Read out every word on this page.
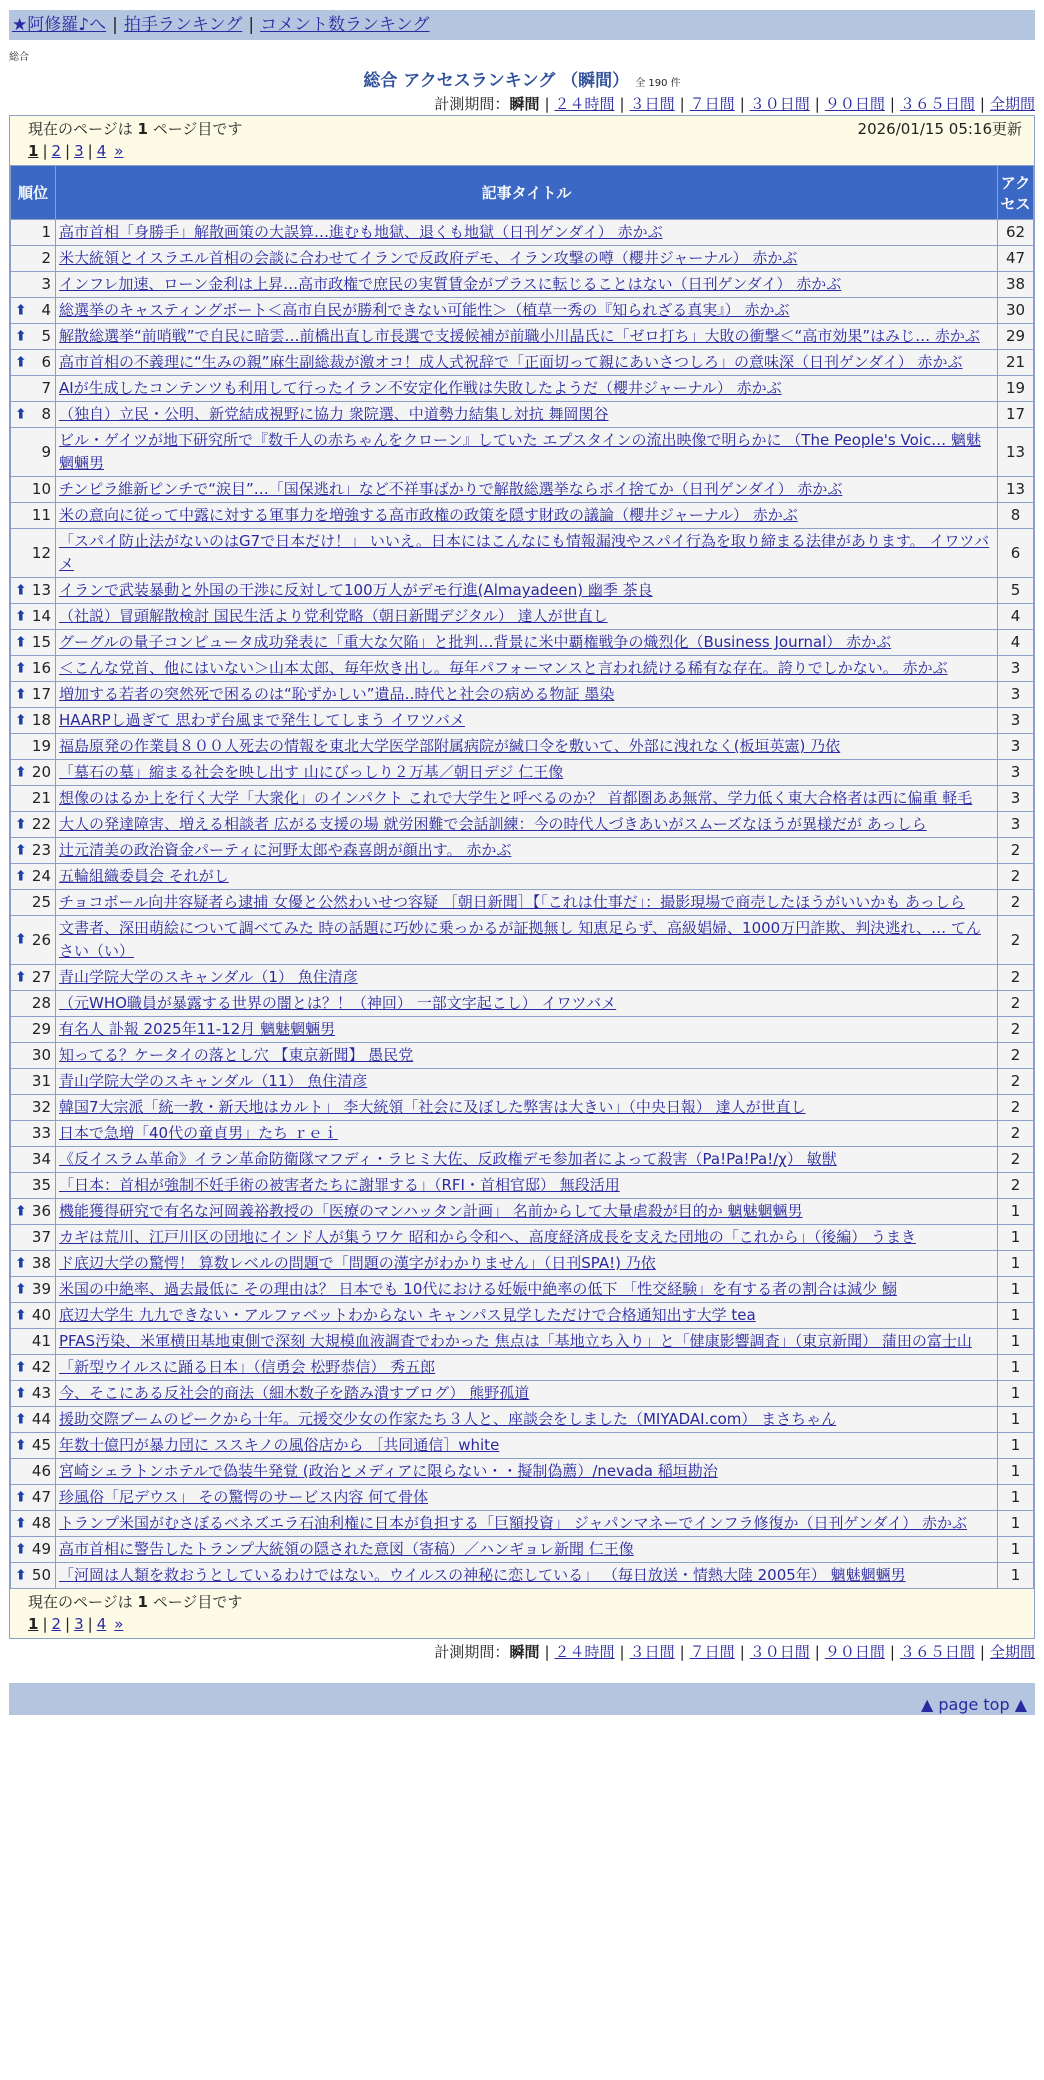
★阿修羅♪へ | 拍手ランキング | コメント数ランキング
総合
総合 アクセスランキング （瞬間） 全 190 件
計測期間：瞬間 | ２４時間 | ３日間 | ７日間 | ３０日間 | ９０日間 | ３６５日間 | 全期間
現在のページは 1 ページ目です	2026/01/15 05:16更新
1 | 2 | 3 | 4 »
順位	記事タイトル	アクセス
1	高市首相「身勝手」解散画策の大誤算…進むも地獄、退くも地獄（日刊ゲンダイ） 赤かぶ	62
2	米大統領とイスラエル首相の会談に合わせてイランで反政府デモ、イラン攻撃の噂（櫻井ジャーナル） 赤かぶ	47
3	インフレ加速、ローン金利は上昇…高市政権で庶民の実質賃金がプラスに転じることはない（日刊ゲンダイ） 赤かぶ	38

⬆ 4	総選挙のキャスティングボート＜高市自民が勝利できない可能性＞（植草一秀の『知られざる真実』） 赤かぶ	30

⬆ 5	解散総選挙“前哨戦”で自民に暗雲…前橋出直し市長選で支援候補が前職小川晶氏に「ゼロ打ち」大敗の衝撃＜“高市効果”はみじ… 赤かぶ	29

⬆ 6	高市首相の不義理に“生みの親”麻生副総裁が激オコ！成人式祝辞で「正面切って親にあいさつしろ」の意味深（日刊ゲンダイ） 赤かぶ	21
7	AIが生成したコンテンツも利用して行ったイラン不安定化作戦は失敗したようだ（櫻井ジャーナル） 赤かぶ	19

⬆ 8	（独自）立民・公明、新党結成視野に協力 衆院選、中道勢力結集し対抗 舞岡関谷	17
9	ビル・ゲイツが地下研究所で『数千人の赤ちゃんをクローン』していた エプスタインの流出映像で明らかに （The People's Voic… 魑魅魍魎男	13
10	チンピラ維新ピンチで“涙目”…「国保逃れ」など不祥事ばかりで解散総選挙ならポイ捨てか（日刊ゲンダイ） 赤かぶ	13
11	米の意向に従って中露に対する軍事力を増強する高市政権の政策を隠す財政の議論（櫻井ジャーナル） 赤かぶ	8
12	「スパイ防止法がないのはG7で日本だけ！」 いいえ。日本にはこんなにも情報漏洩やスパイ行為を取り締まる法律があります。 イワツバメ	6

⬆ 13	イランで武装暴動と外国の干渉に反対して100万人がデモ行進(Almayadeen) 幽季 茶良	5

⬆ 14	（社説）冒頭解散検討 国民生活より党利党略（朝日新聞デジタル） 達人が世直し	4

⬆ 15	グーグルの量子コンピュータ成功発表に「重大な欠陥」と批判…背景に米中覇権戦争の熾烈化（Business Journal） 赤かぶ	4

⬆ 16	＜こんな党首、他にはいない＞山本太郎、毎年炊き出し。毎年パフォーマンスと言われ続ける稀有な存在。誇りでしかない。 赤かぶ	3

⬆ 17	増加する若者の突然死で困るのは“恥ずかしい”遺品‥時代と社会の病める物証 墨染	3

⬆ 18	HAARPし過ぎて 思わず台風まで発生してしまう イワツバメ	3
19	福島原発の作業員８００人死去の情報を東北大学医学部附属病院が緘口令を敷いて、外部に洩れなく(板垣英憲) 乃依	3

⬆ 20	「墓石の墓」縮まる社会を映し出す 山にびっしり２万基／朝日デジ 仁王像	3
21	想像のはるか上を行く大学「大衆化」のインパクト これで大学生と呼べるのか？ 首都圏ああ無常、学力低く東大合格者は西に偏重 軽毛	3

⬆ 22	大人の発達障害、増える相談者 広がる支援の場 就労困難で会話訓練：今の時代人づきあいがスムーズなほうが異様だが あっしら	3

⬆ 23	辻元清美の政治資金パーティに河野太郎や森喜朗が顔出す。 赤かぶ	2

⬆ 24	五輪組織委員会 それがし	2
25	チョコボール向井容疑者ら逮捕 女優と公然わいせつ容疑 ［朝日新聞］【「これは仕事だ」：撮影現場で商売したほうがいいかも あっしら	2

⬆ 26	文書者、深田萌絵について調べてみた 時の話題に巧妙に乗っかるが証拠無し 知恵足らず、高級娼婦、1000万円詐欺、判決逃れ、… てんさい（い）	2

⬆ 27	青山学院大学のスキャンダル（1） 魚住清彦	2
28	（元WHO職員が暴露する世界の闇とは？！（神回） 一部文字起こし） イワツバメ	2
29	有名人 訃報 2025年11-12月 魑魅魍魎男	2
30	知ってる？ケータイの落とし穴 【東京新聞】 愚民党	2
31	青山学院大学のスキャンダル（11） 魚住清彦	2
32	韓国7大宗派「統一教・新天地はカルト」 李大統領「社会に及ぼした弊害は大きい」（中央日報） 達人が世直し	2
33	日本で急増「40代の童貞男」たち ｒｅｉ	2
34	《反イスラム革命》イラン革命防衛隊マフディ・ラヒミ大佐、反政権デモ参加者によって殺害（Pa!Pa!Pa!/χ） 敏獣	2
35	「日本：首相が強制不妊手術の被害者たちに謝罪する」（RFI・首相官邸） 無段活用	2

⬆ 36	機能獲得研究で有名な河岡義裕教授の「医療のマンハッタン計画」 名前からして大量虐殺が目的か 魑魅魍魎男	1
37	カギは荒川、江戸川区の団地にインド人が集うワケ 昭和から令和へ、高度経済成長を支えた団地の「これから」（後編） うまき	1

⬆ 38	ド底辺大学の驚愕！ 算数レベルの問題で「問題の漢字がわかりません」（日刊SPA!) 乃依	1

⬆ 39	米国の中絶率、過去最低に その理由は？ 日本でも 10代における妊娠中絶率の低下 「性交経験」を有する者の割合は減少 鰯	1

⬆ 40	底辺大学生 九九できない・アルファベットわからない キャンパス見学しただけで合格通知出す大学 tea	1
41	PFAS汚染、米軍横田基地東側で深刻 大規模血液調査でわかった 焦点は「基地立ち入り」と「健康影響調査」（東京新聞） 蒲田の富士山	1

⬆ 42	「新型ウイルスに踊る日本」（信勇会 松野恭信） 秀五郎	1

⬆ 43	今、そこにある反社会的商法（細木数子を踏み潰すブログ） 熊野孤道	1

⬆ 44	援助交際ブームのピークから十年。元援交少女の作家たち３人と、座談会をしました（MIYADAI.com） まさちゃん	1

⬆ 45	年数十億円が暴力団に ススキノの風俗店から ［共同通信］white	1
46	宮崎シェラトンホテルで偽装牛発覚 (政治とメディアに限らない・・擬制偽薦）/nevada 稲垣勘治	1

⬆ 47	珍風俗「尼デウス」 その驚愕のサービス内容 何て骨体	1

⬆ 48	トランプ米国がむさぼるベネズエラ石油利権に日本が負担する「巨額投資」 ジャパンマネーでインフラ修復か（日刊ゲンダイ） 赤かぶ	1

⬆ 49	高市首相に警告したトランプ大統領の隠された意図（寄稿）／ハンギョレ新聞 仁王像	1

⬆ 50	「河岡は人類を救おうとしているわけではない。ウイルスの神秘に恋している」 （毎日放送・情熱大陸 2005年） 魑魅魍魎男	1
現在のページは 1 ページ目です
1 | 2 | 3 | 4 »
計測期間：瞬間 | ２４時間 | ３日間 | ７日間 | ３０日間 | ９０日間 | ３６５日間 | 全期間
▲ page top ▲
